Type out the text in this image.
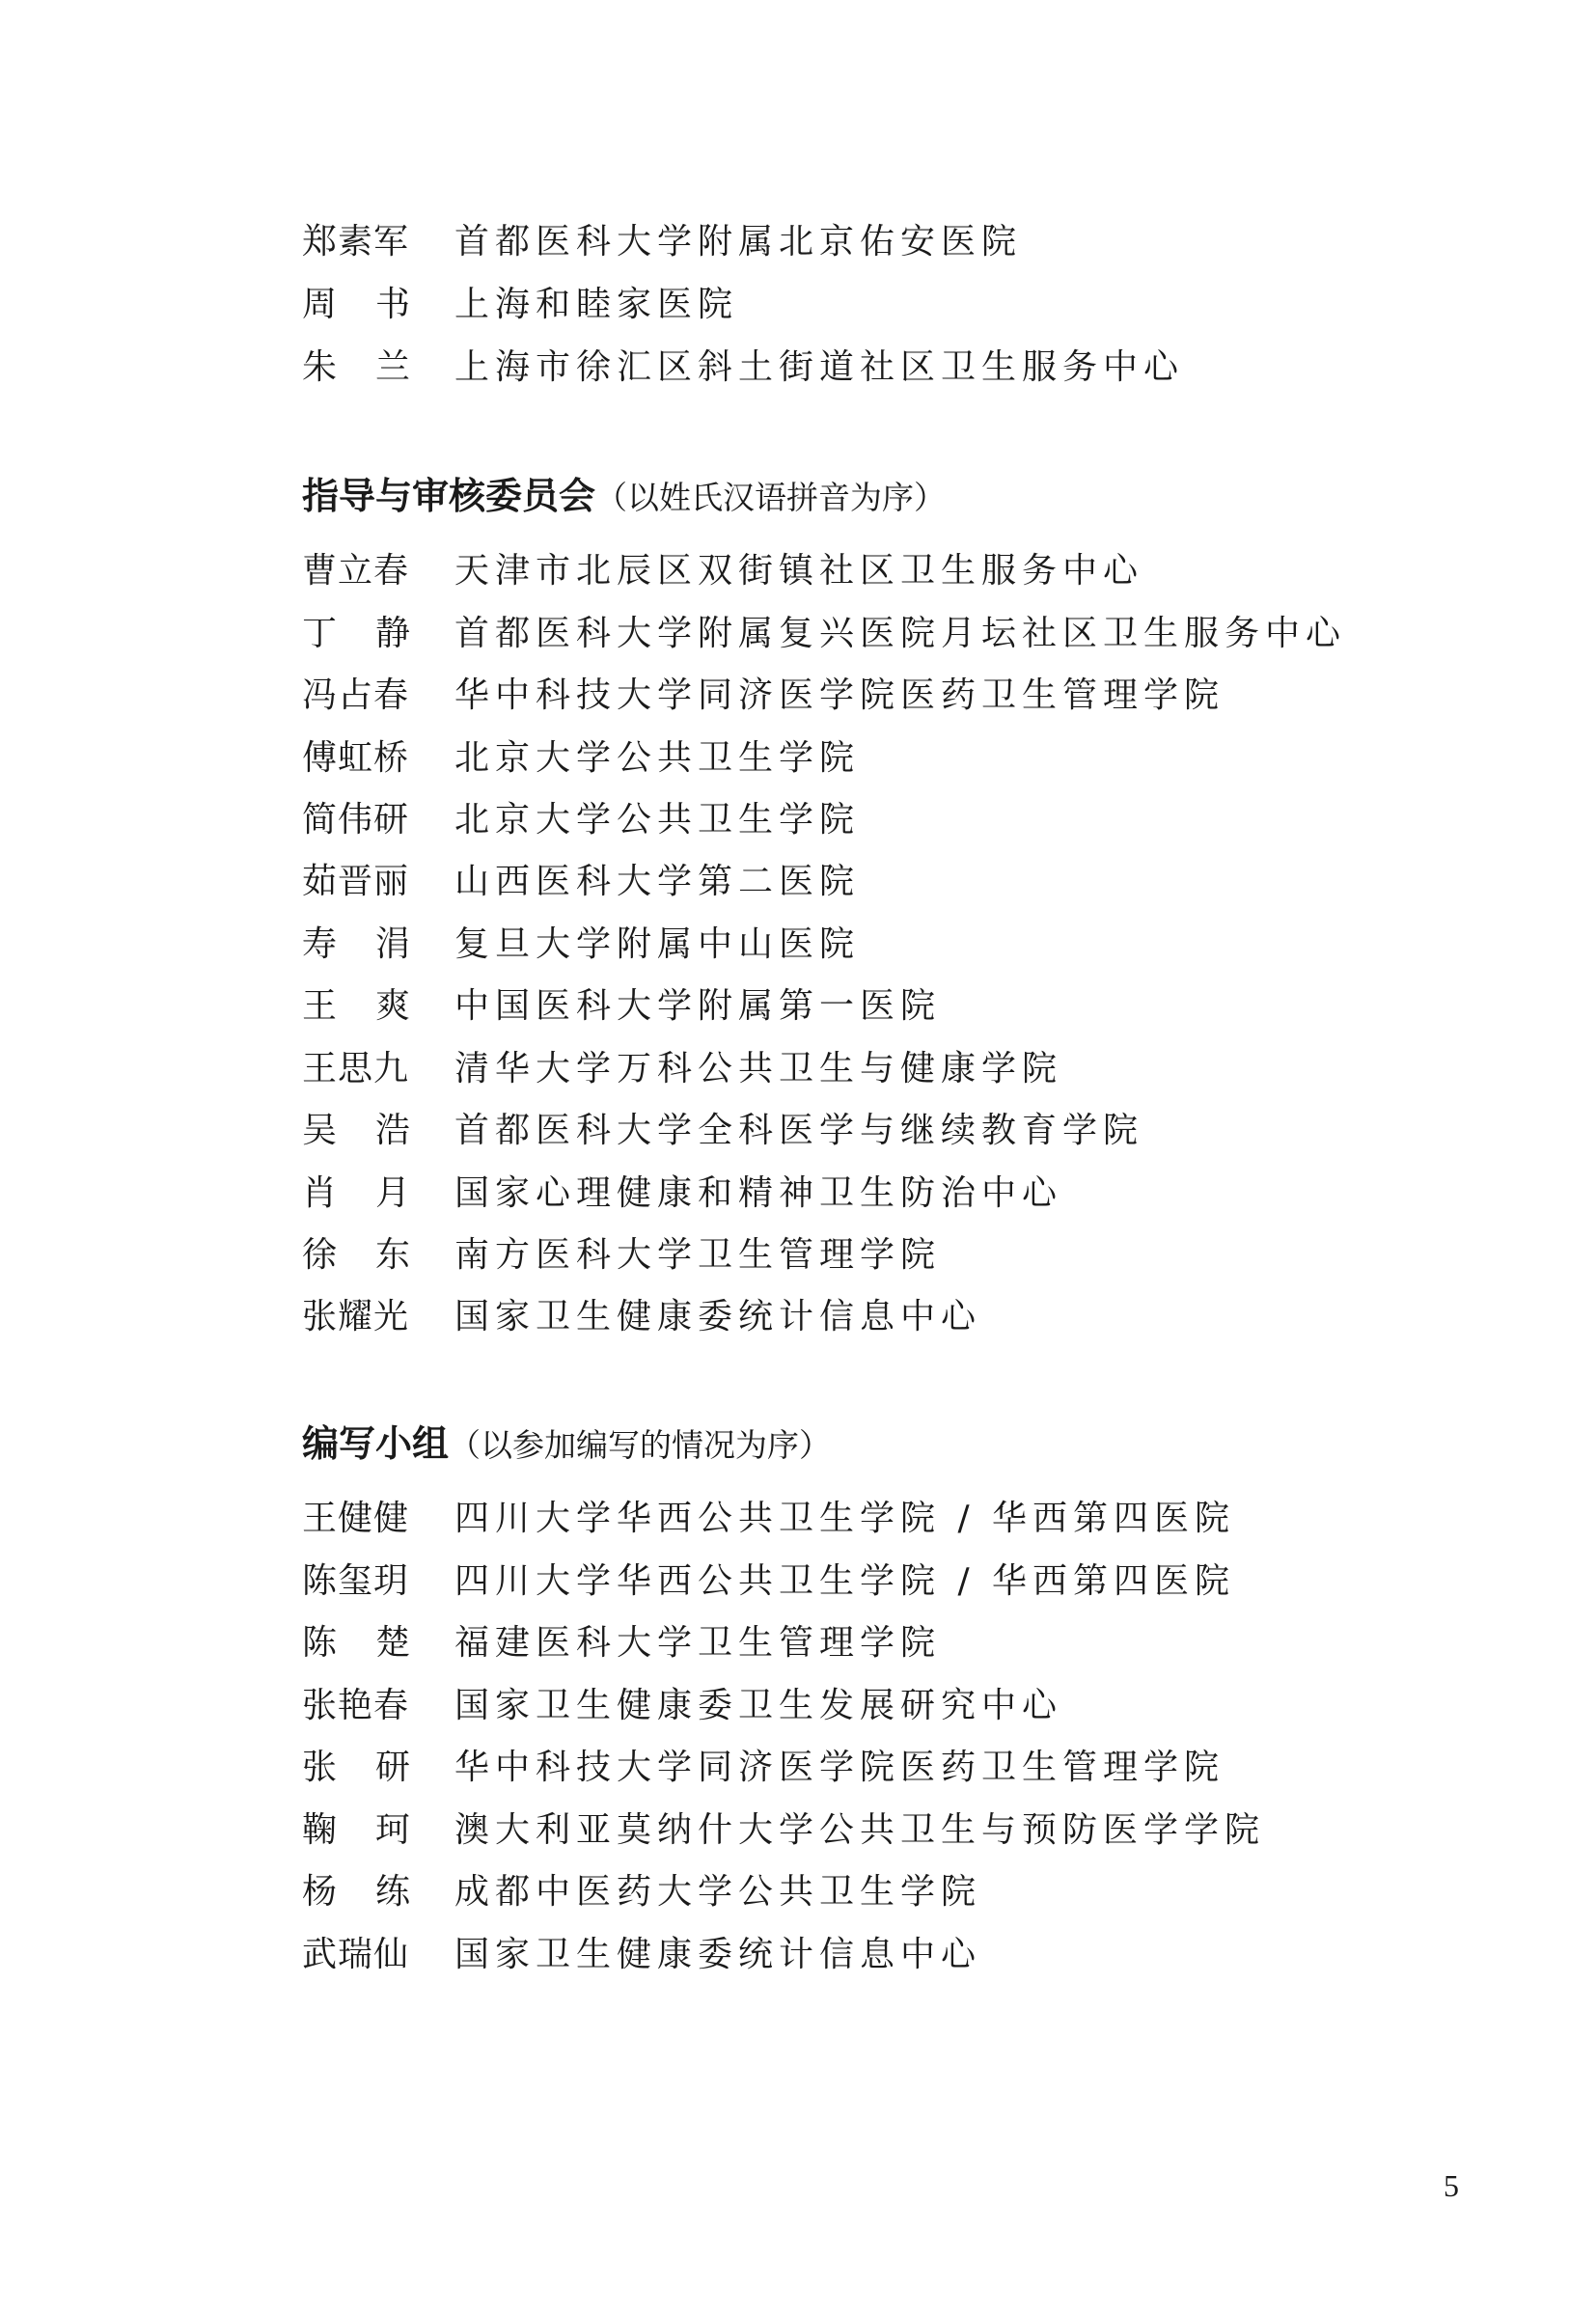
郑素军	首都医科大学附属北京佑安医院
周 书	上海和睦家医院
朱 兰	上海市徐汇区斜土街道社区卫生服务中心
指导与审核委员会（以姓氏汉语拼音为序）
曹立春	天津市北辰区双街镇社区卫生服务中心
丁 静	首都医科大学附属复兴医院月坛社区卫生服务中心
冯占春	华中科技大学同济医学院医药卫生管理学院
傅虹桥	北京大学公共卫生学院
简伟研	北京大学公共卫生学院
茹晋丽	山西医科大学第二医院
寿 涓	复旦大学附属中山医院
王 爽	中国医科大学附属第一医院
王思九	清华大学万科公共卫生与健康学院
吴 浩	首都医科大学全科医学与继续教育学院
肖 月	国家心理健康和精神卫生防治中心
徐 东	南方医科大学卫生管理学院
张耀光	国家卫生健康委统计信息中心
编写小组（以参加编写的情况为序）
王健健	四川大学华西公共卫生学院 / 华西第四医院
陈玺玥	四川大学华西公共卫生学院 / 华西第四医院
陈 楚	福建医科大学卫生管理学院
张艳春	国家卫生健康委卫生发展研究中心
张 研	华中科技大学同济医学院医药卫生管理学院
鞠 珂	澳大利亚莫纳什大学公共卫生与预防医学学院
杨 练	成都中医药大学公共卫生学院
武瑞仙	国家卫生健康委统计信息中心
5
